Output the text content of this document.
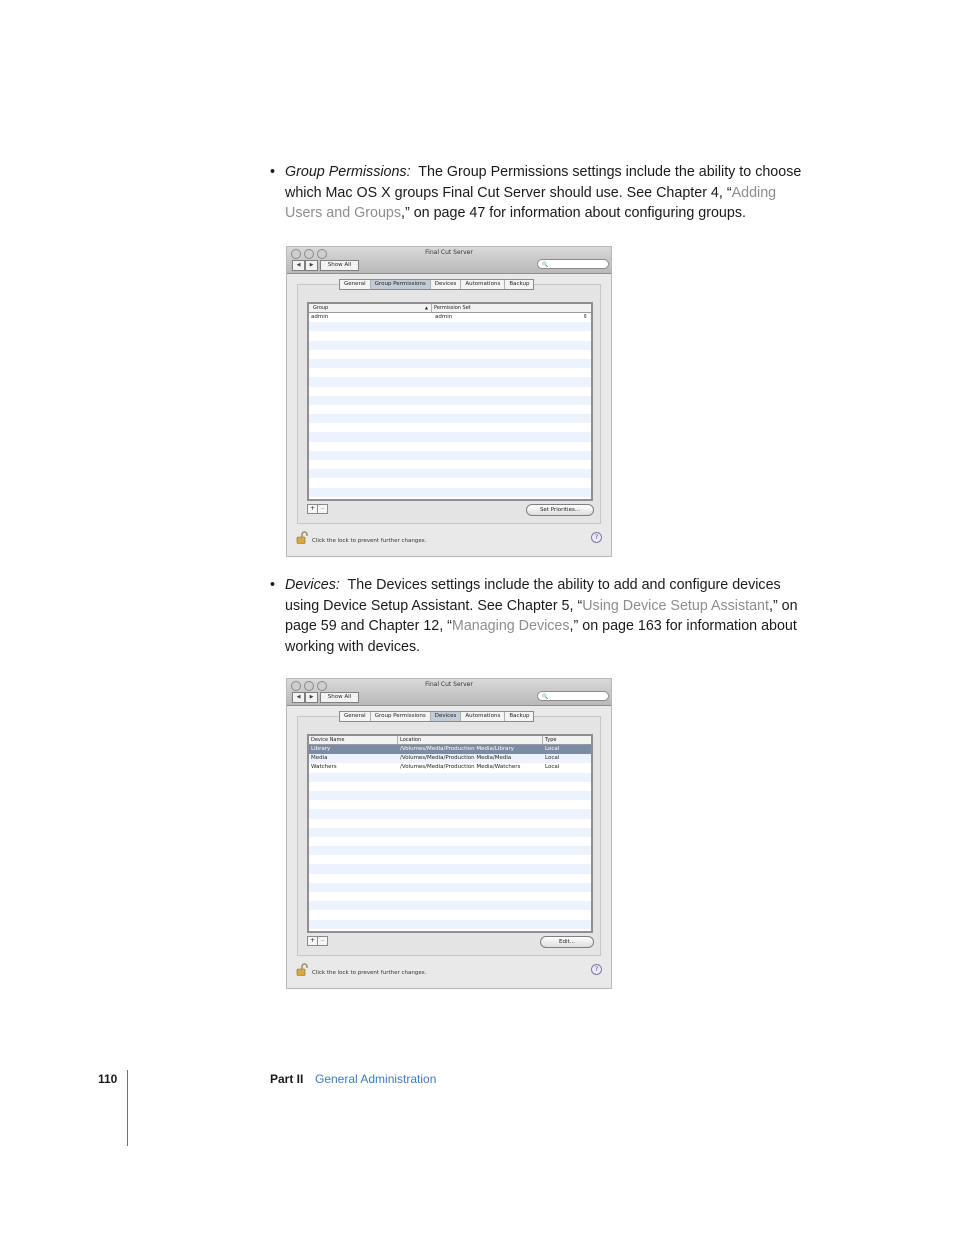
• Group Permissions: The Group Permissions settings include the ability to choose which Mac OS X groups Final Cut Server should use. See Chapter 4, “Adding Users and Groups,” on page 47 for information about configuring groups.

Final Cut Server
◀	▶	Show All	🔍
General	Group Permissions	Devices	Automations	Backup
Group	▲	Permission Set
admin	admin	⇕
+ −	Set Priorities...
Click the lock to prevent further changes.	?
• Devices: The Devices settings include the ability to add and configure devices using Device Setup Assistant. See Chapter 5, “Using Device Setup Assistant,” on page 59 and Chapter 12, “Managing Devices,” on page 163 for information about working with devices.

Final Cut Server
◀	▶	Show All	🔍
General	Group Permissions	Devices	Automations	Backup
Device Name	Location	Type
Library	/Volumes/Media/Production Media/Library	Local
Media	/Volumes/Media/Production Media/Media	Local
Watchers	/Volumes/Media/Production Media/Watchers	Local
+ −	Edit...
Click the lock to prevent further changes.	?
110	Part II General Administration
